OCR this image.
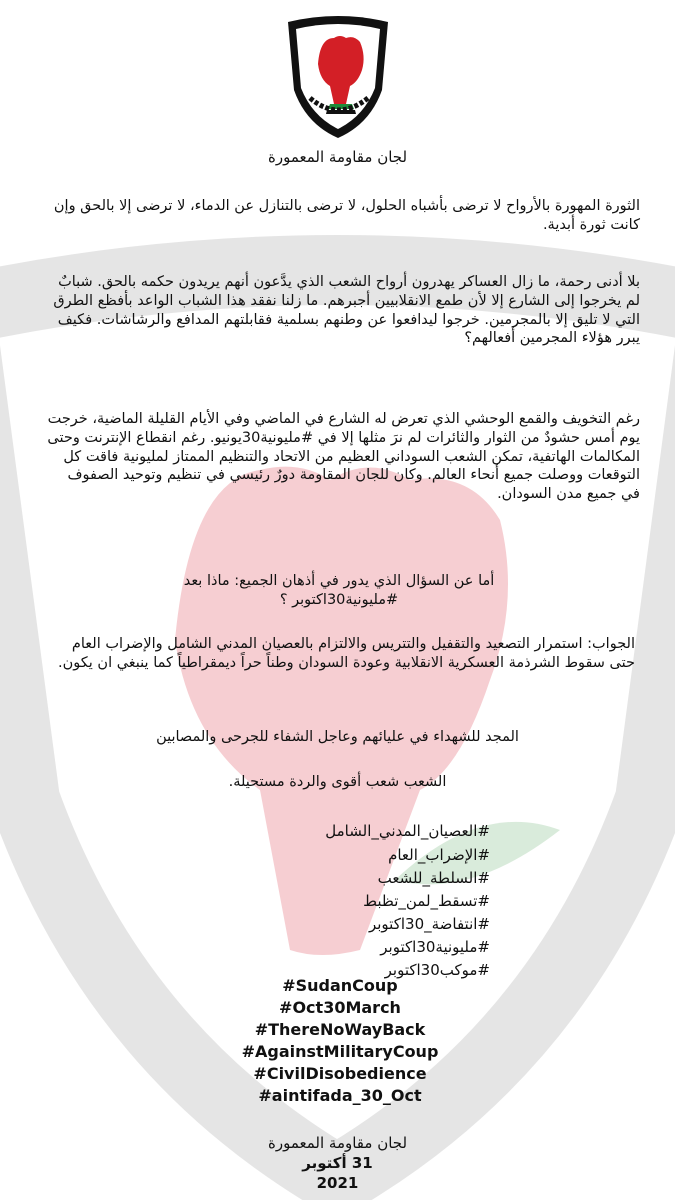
لجان مقاومة المعمورة
الثورة المهورة بالأرواح لا ترضى بأشباه الحلول، لا ترضى بالتنازل عن الدماء، لا ترضى إلا بالحق وإن كانت ثورة أبدية.
بلا أدنى رحمة، ما زال العساكر يهدرون أرواح الشعب الذي يدَّعون أنهم يريدون حكمه بالحق. شبابٌ لم يخرجوا إلى الشارع إلا لأن طمع الانقلابيين أجبرهم. ما زلنا نفقد هذا الشباب الواعد بأفظع الطرق التي لا تليق إلا بالمجرمين. خرجوا ليدافعوا عن وطنهم بسلمية فقابلتهم المدافع والرشاشات. فكيف يبرر هؤلاء المجرمين أفعالهم؟
رغم التخويف والقمع الوحشي الذي تعرض له الشارع في الماضي وفي الأيام القليلة الماضية، خرجت يوم أمس حشودٌ من الثوار والثائرات لم نرَ مثلها إلا في #مليونية30يونيو. رغم انقطاع الإنترنت وحتى المكالمات الهاتفية، تمكن الشعب السوداني العظيم من الاتحاد والتنظيم الممتاز لمليونية فاقت كل التوقعات ووصلت جميع أنحاء العالم. وكان للجان المقاومة دورٌ رئيسي في تنظيم وتوحيد الصفوف في جميع مدن السودان.
أما عن السؤال الذي يدور في أذهان الجميع: ماذا بعد #مليونية30اكتوبر ؟
الجواب: استمرار التصعيد والتقفيل والتتريس والالتزام بالعصيان المدني الشامل والإضراب العام حتى سقوط الشرذمة العسكرية الانقلابية وعودة السودان وطناً حراً ديمقراطياً كما ينبغي ان يكون.
المجد للشهداء في عليائهم وعاجل الشفاء للجرحى والمصابين
الشعب شعب أقوى والردة مستحيلة.
#العصيان_المدني_الشامل
#الإضراب_العام
#السلطة_للشعب
#تسقط_لمن_تظبط
#انتفاضة_30اكتوبر
#مليونية30اكتوبر
#موكب30اكتوبر
#SudanCoup
#Oct30March
#ThereNoWayBack
#AgainstMilitaryCoup
#CivilDisobedience
#aintifada_30_Oct
لجان مقاومة المعمورة
31 أكتوبر
2021
